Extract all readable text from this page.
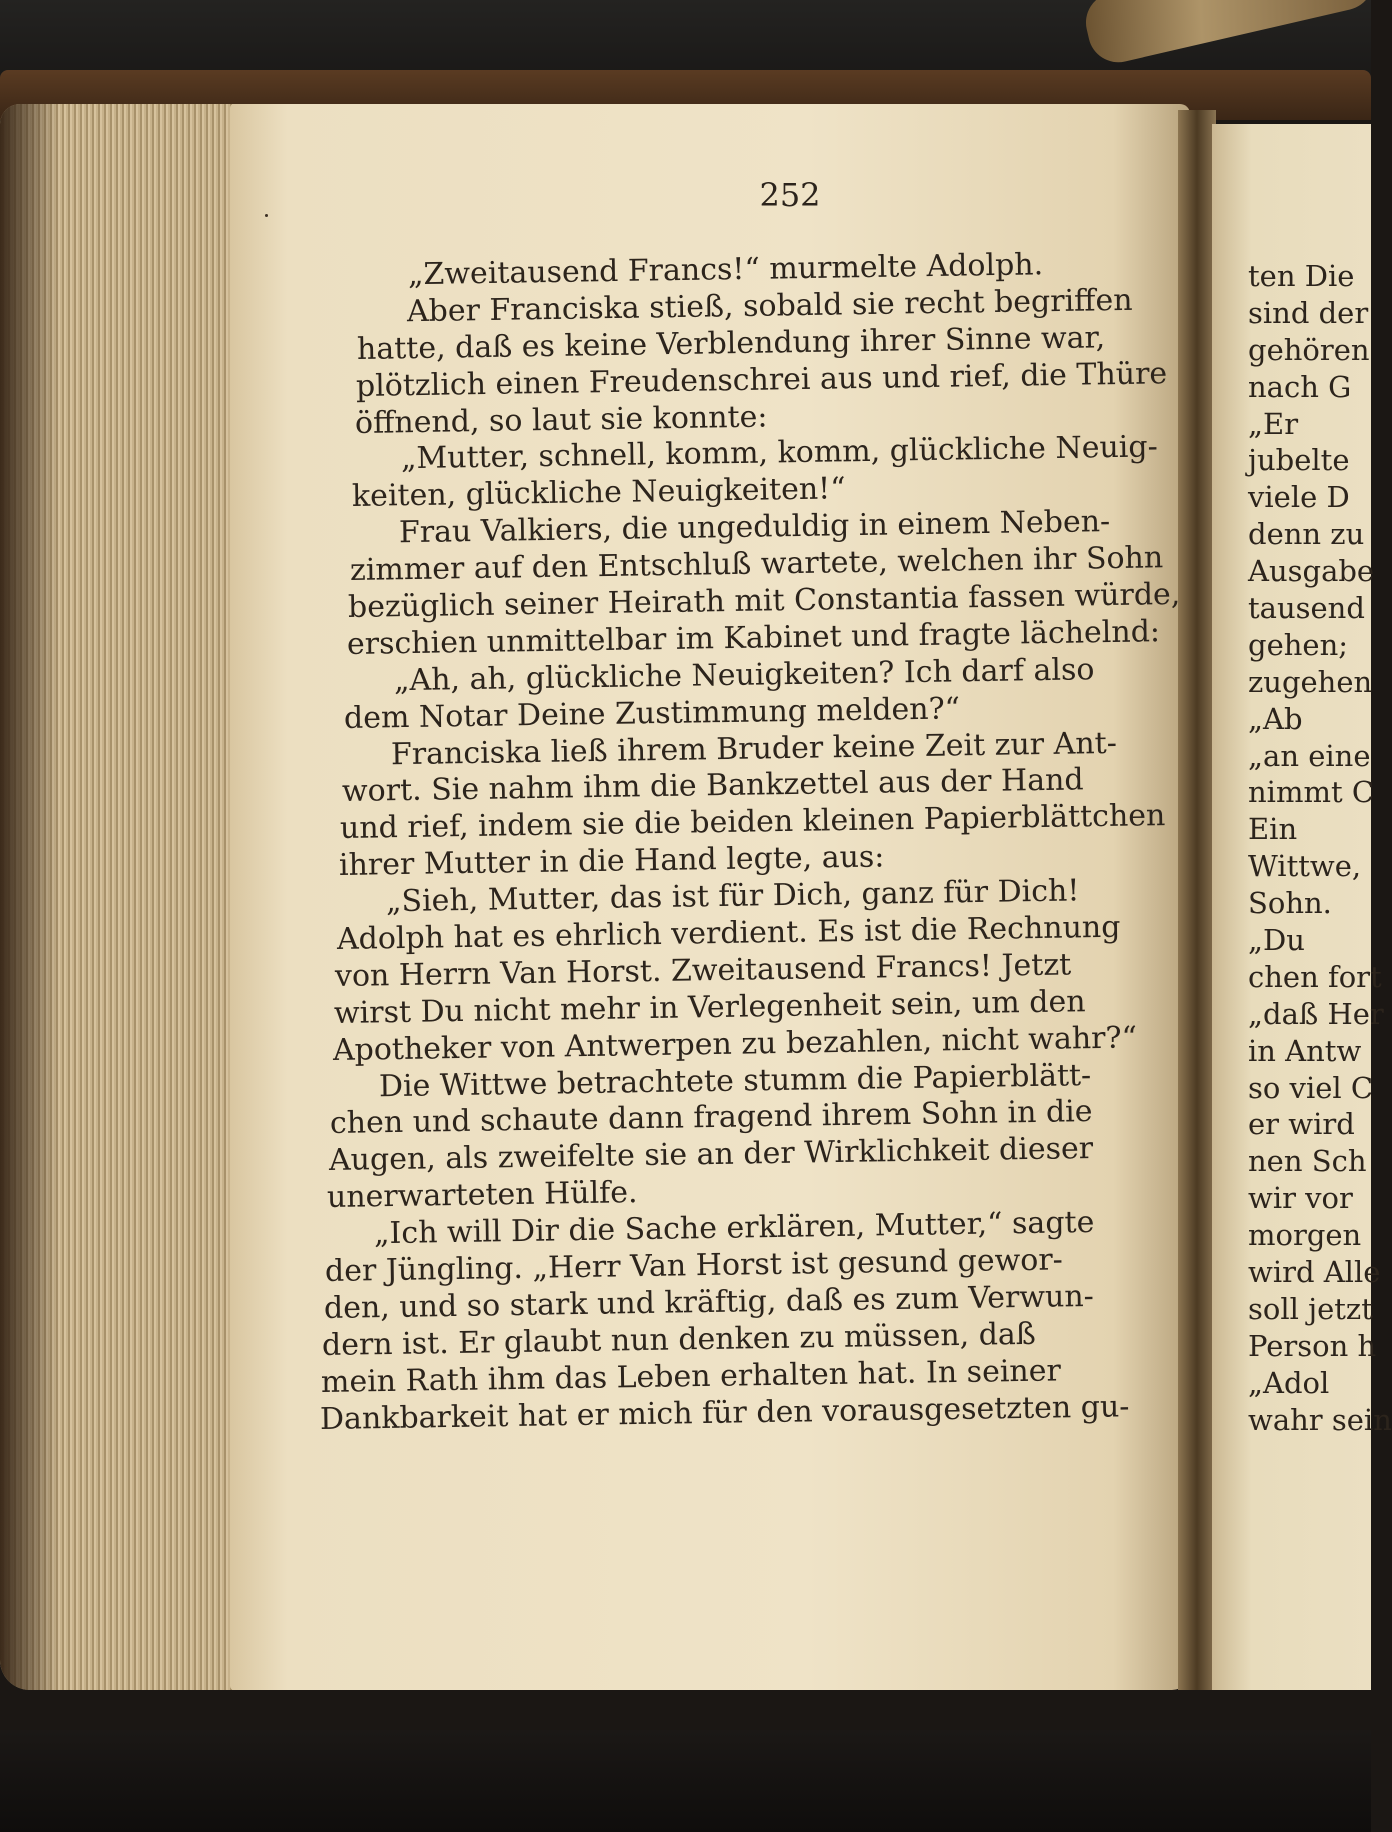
252
„Zweitausend Francs!“ murmelte Adolph.
Aber Franciska stieß, sobald sie recht begriffen
hatte, daß es keine Verblendung ihrer Sinne war,
plötzlich einen Freudenschrei aus und rief, die Thüre
öffnend, so laut sie konnte:
„Mutter, schnell, komm, komm, glückliche Neuig-
keiten, glückliche Neuigkeiten!“
Frau Valkiers, die ungeduldig in einem Neben-
zimmer auf den Entschluß wartete, welchen ihr Sohn
bezüglich seiner Heirath mit Constantia fassen würde,
erschien unmittelbar im Kabinet und fragte lächelnd:
„Ah, ah, glückliche Neuigkeiten? Ich darf also
dem Notar Deine Zustimmung melden?“
Franciska ließ ihrem Bruder keine Zeit zur Ant-
wort. Sie nahm ihm die Bankzettel aus der Hand
und rief, indem sie die beiden kleinen Papierblättchen
ihrer Mutter in die Hand legte, aus:
„Sieh, Mutter, das ist für Dich, ganz für Dich!
Adolph hat es ehrlich verdient. Es ist die Rechnung
von Herrn Van Horst. Zweitausend Francs! Jetzt
wirst Du nicht mehr in Verlegenheit sein, um den
Apotheker von Antwerpen zu bezahlen, nicht wahr?“
Die Wittwe betrachtete stumm die Papierblätt-
chen und schaute dann fragend ihrem Sohn in die
Augen, als zweifelte sie an der Wirklichkeit dieser
unerwarteten Hülfe.
„Ich will Dir die Sache erklären, Mutter,“ sagte
der Jüngling. „Herr Van Horst ist gesund gewor-
den, und so stark und kräftig, daß es zum Verwun-
dern ist. Er glaubt nun denken zu müssen, daß
mein Rath ihm das Leben erhalten hat. In seiner
Dankbarkeit hat er mich für den vorausgesetzten gu-
ten Die
sind der
gehören
nach G
„Er
jubelte
viele D
denn zu
Ausgabe
tausend
gehen;
zugehen
„Ab
„an eine
nimmt C
Ein
Wittwe,
Sohn.
„Du
chen fort
„daß Her
in Antw
so viel C
er wird
nen Sch
wir vor
morgen
wird Alle
soll jetzt
Person h
„Adol
wahr sein
